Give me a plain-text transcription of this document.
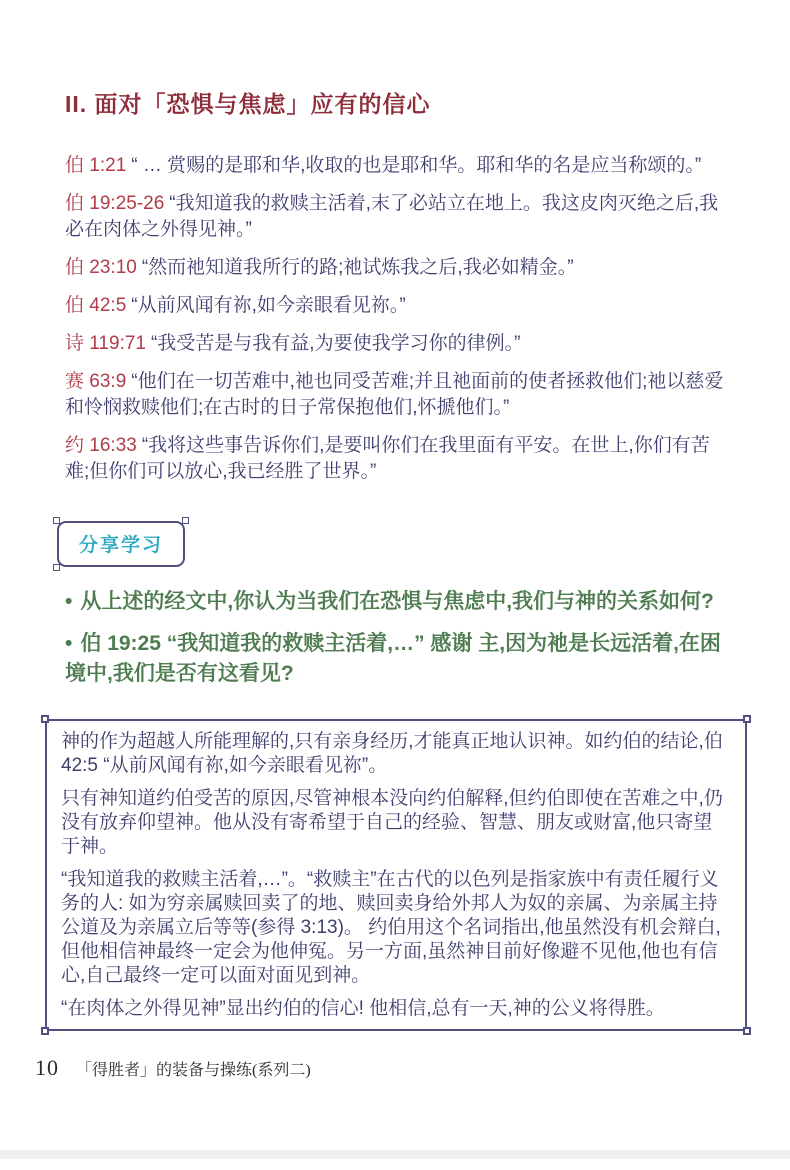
II. 面对「恐惧与焦虑」应有的信心

伯 1:21 “ … 赏赐的是耶和华,收取的也是耶和华。耶和华的名是应当称颂的。”

伯 19:25-26 “我知道我的救赎主活着,末了必站立在地上。我这皮肉灭绝之后,我必在肉体之外得见神。”

伯 23:10 “然而祂知道我所行的路;祂试炼我之后,我必如精金。”

伯 42:5 “从前风闻有祢,如今亲眼看见祢。”

诗 119:71 “我受苦是与我有益,为要使我学习你的律例。”

赛 63:9 “他们在一切苦难中,祂也同受苦难;并且祂面前的使者拯救他们;祂以慈爱和怜悯救赎他们;在古时的日子常保抱他们,怀搋他们。”

约 16:33 “我将这些事告诉你们,是要叫你们在我里面有平安。在世上,你们有苦难;但你们可以放心,我已经胜了世界。”

分享学习

• 从上述的经文中,你认为当我们在恐惧与焦虑中,我们与神的关系如何?

• 伯 19:25 “我知道我的救赎主活着,…” 感谢 主,因为祂是长远活着,在困境中,我们是否有这看见?

神的作为超越人所能理解的,只有亲身经历,才能真正地认识神。如约伯的结论,伯 42:5 “从前风闻有祢,如今亲眼看见祢”。

只有神知道约伯受苦的原因,尽管神根本没向约伯解释,但约伯即使在苦难之中,仍没有放弃仰望神。他从没有寄希望于自己的经验、智慧、朋友或财富,他只寄望于神。

“我知道我的救赎主活着,…”。“救赎主”在古代的以色列是指家族中有责任履行义务的人: 如为穷亲属赎回卖了的地、赎回卖身给外邦人为奴的亲属、为亲属主持公道及为亲属立后等等(参得 3:13)。 约伯用这个名词指出,他虽然没有机会辩白,但他相信神最终一定会为他伸冤。另一方面,虽然神目前好像避不见他,他也有信心,自己最终一定可以面对面见到神。

“在肉体之外得见神”显出约伯的信心! 他相信,总有一天,神的公义将得胜。

10 「得胜者」的装备与操练(系列二)
